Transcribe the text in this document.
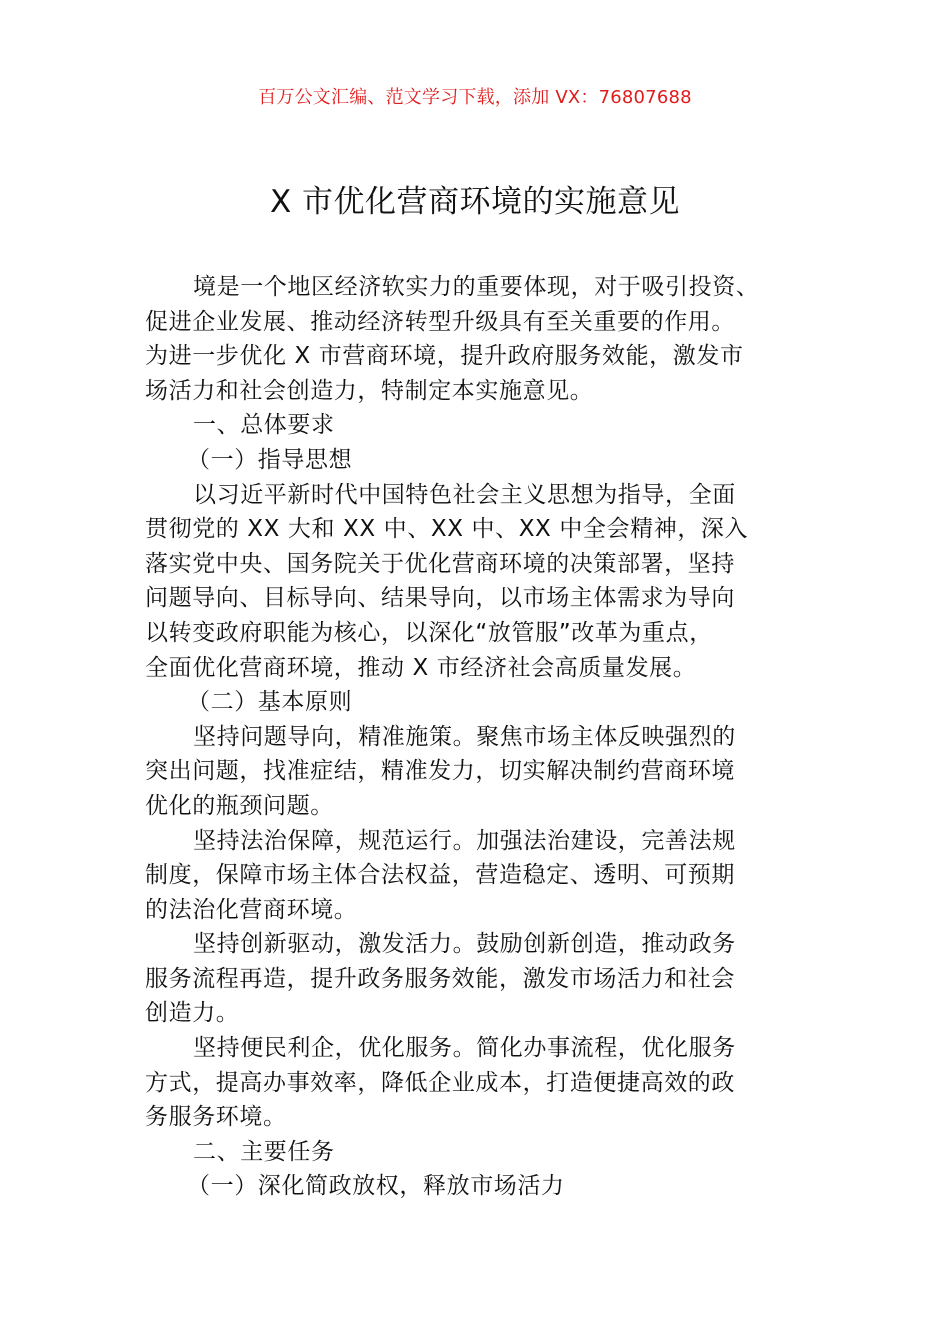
百万公文汇编、范文学习下载，添加 VX：76807688
X 市优化营商环境的实施意见
境是一个地区经济软实力的重要体现，对于吸引投资、
促进企业发展、推动经济转型升级具有至关重要的作用。
为进一步优化 X 市营商环境，提升政府服务效能，激发市
场活力和社会创造力，特制定本实施意见。
一、总体要求
（一）指导思想
以习近平新时代中国特色社会主义思想为指导，全面
贯彻党的 XX 大和 XX 中、XX 中、XX 中全会精神，深入
落实党中央、国务院关于优化营商环境的决策部署，坚持
问题导向、目标导向、结果导向，以市场主体需求为导向
以转变政府职能为核心，以深化“放管服”改革为重点，
全面优化营商环境，推动 X 市经济社会高质量发展。
（二）基本原则
坚持问题导向，精准施策。聚焦市场主体反映强烈的
突出问题，找准症结，精准发力，切实解决制约营商环境
优化的瓶颈问题。
坚持法治保障，规范运行。加强法治建设，完善法规
制度，保障市场主体合法权益，营造稳定、透明、可预期
的法治化营商环境。
坚持创新驱动，激发活力。鼓励创新创造，推动政务
服务流程再造，提升政务服务效能，激发市场活力和社会
创造力。
坚持便民利企，优化服务。简化办事流程，优化服务
方式，提高办事效率，降低企业成本，打造便捷高效的政
务服务环境。
二、主要任务
（一）深化简政放权，释放市场活力
